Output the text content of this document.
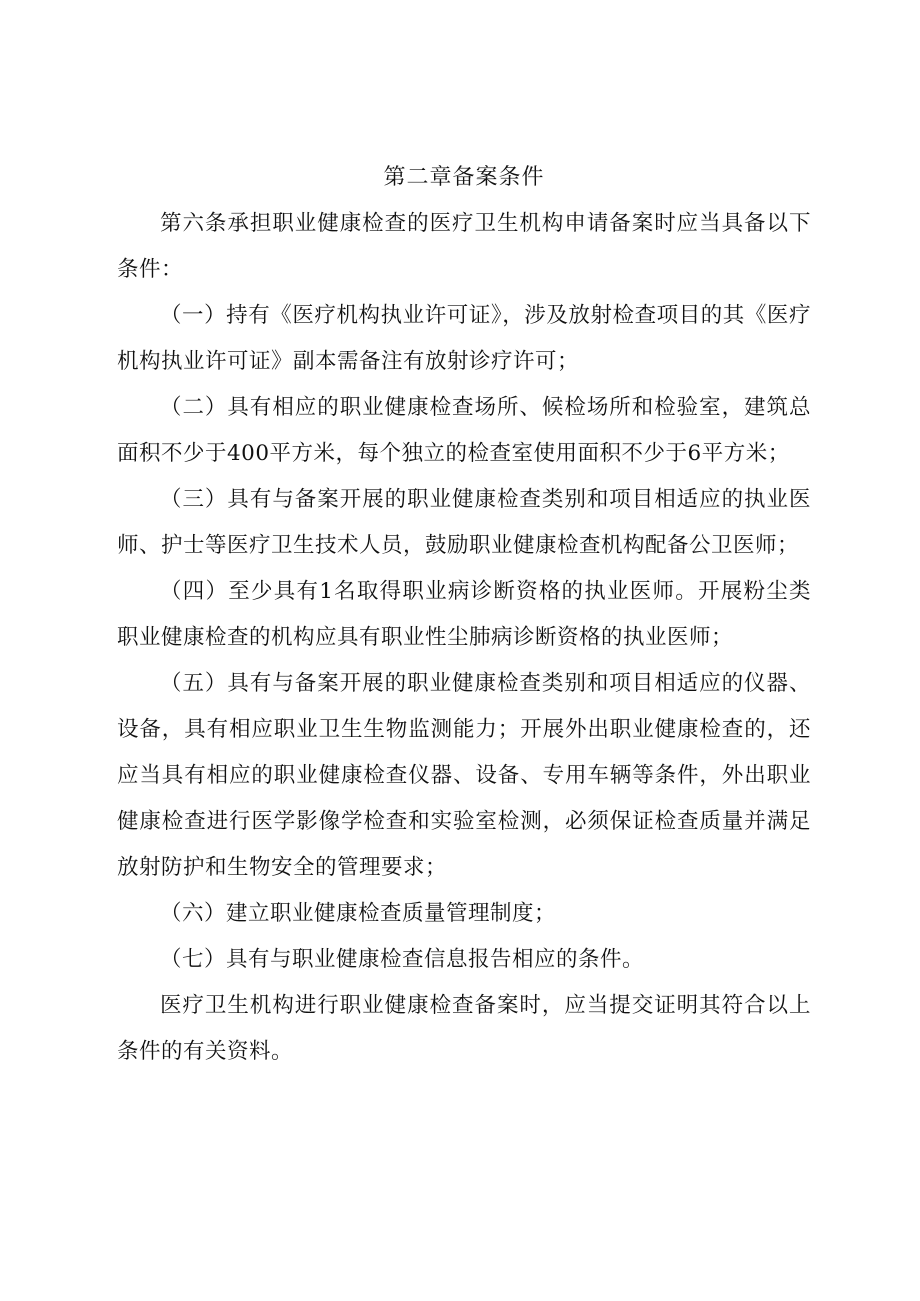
第二章备案条件

第六条承担职业健康检查的医疗卫生机构申请备案时应当具备以下条件：

（一）持有《医疗机构执业许可证》，涉及放射检查项目的其《医疗机构执业许可证》副本需备注有放射诊疗许可；

（二）具有相应的职业健康检查场所、候检场所和检验室，建筑总面积不少于400平方米，每个独立的检查室使用面积不少于6平方米；

（三）具有与备案开展的职业健康检查类别和项目相适应的执业医师、护士等医疗卫生技术人员，鼓励职业健康检查机构配备公卫医师；

（四）至少具有1名取得职业病诊断资格的执业医师。开展粉尘类职业健康检查的机构应具有职业性尘肺病诊断资格的执业医师；

（五）具有与备案开展的职业健康检查类别和项目相适应的仪器、设备，具有相应职业卫生生物监测能力；开展外出职业健康检查的，还应当具有相应的职业健康检查仪器、设备、专用车辆等条件，外出职业健康检查进行医学影像学检查和实验室检测，必须保证检查质量并满足放射防护和生物安全的管理要求；

（六）建立职业健康检查质量管理制度；

（七）具有与职业健康检查信息报告相应的条件。

医疗卫生机构进行职业健康检查备案时，应当提交证明其符合以上条件的有关资料。
